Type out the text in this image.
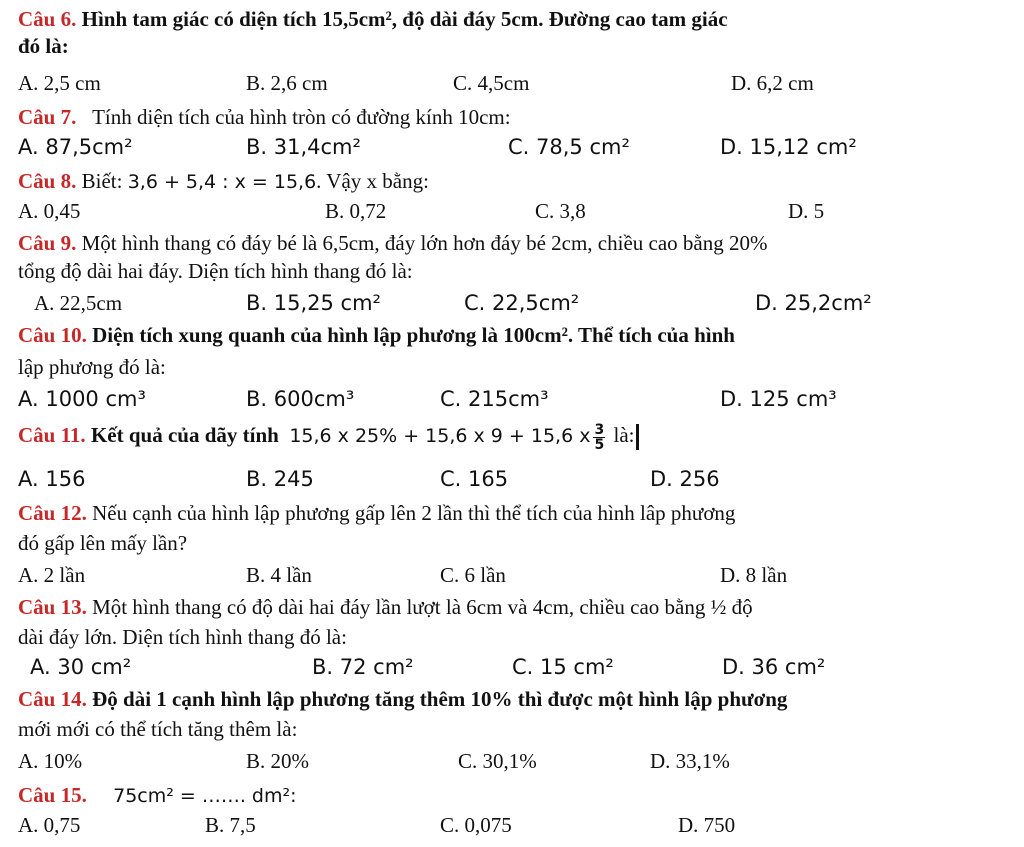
Câu 6. Hình tam giác có diện tích 15,5cm², độ dài đáy 5cm. Đường cao tam giác
đó là:
A. 2,5 cm	B. 2,6 cm	C. 4,5cm	D. 6,2 cm
Câu 7. Tính diện tích của hình tròn có đường kính 10cm:
A. 87,5cm²	B. 31,4cm²	C. 78,5 cm²	D. 15,12 cm²
Câu 8. Biết: 3,6 + 5,4 : x = 15,6. Vậy x bằng:
A. 0,45	B. 0,72	C. 3,8	D. 5
Câu 9. Một hình thang có đáy bé là 6,5cm, đáy lớn hơn đáy bé 2cm, chiều cao bằng 20%
tổng độ dài hai đáy. Diện tích hình thang đó là:
A. 22,5cm	B. 15,25 cm²	C. 22,5cm²	D. 25,2cm²
Câu 10. Diện tích xung quanh của hình lập phương là 100cm². Thể tích của hình
lập phương đó là:
A. 1000 cm³	B. 600cm³	C. 215cm³	D. 125 cm³
Câu 11. Kết quả của dãy tính 15,6 x 25% + 15,6 x 9 + 15,6 x $\frac{3}{5}$ là:
A. 156	B. 245	C. 165	D. 256
Câu 12. Nếu cạnh của hình lập phương gấp lên 2 lần thì thể tích của hình lâp phương
đó gấp lên mấy lần?
A. 2 lần	B. 4 lần	C. 6 lần	D. 8 lần
Câu 13. Một hình thang có độ dài hai đáy lần lượt là 6cm và 4cm, chiều cao bằng ½ độ
dài đáy lớn. Diện tích hình thang đó là:
A. 30 cm²	B. 72 cm²	C. 15 cm²	D. 36 cm²
Câu 14. Độ dài 1 cạnh hình lập phương tăng thêm 10% thì được một hình lập phương
mới mới có thể tích tăng thêm là:
A. 10%	B. 20%	C. 30,1%	D. 33,1%
Câu 15. 75cm² = ……. dm²:
A. 0,75	B. 7,5	C. 0,075	D. 750
